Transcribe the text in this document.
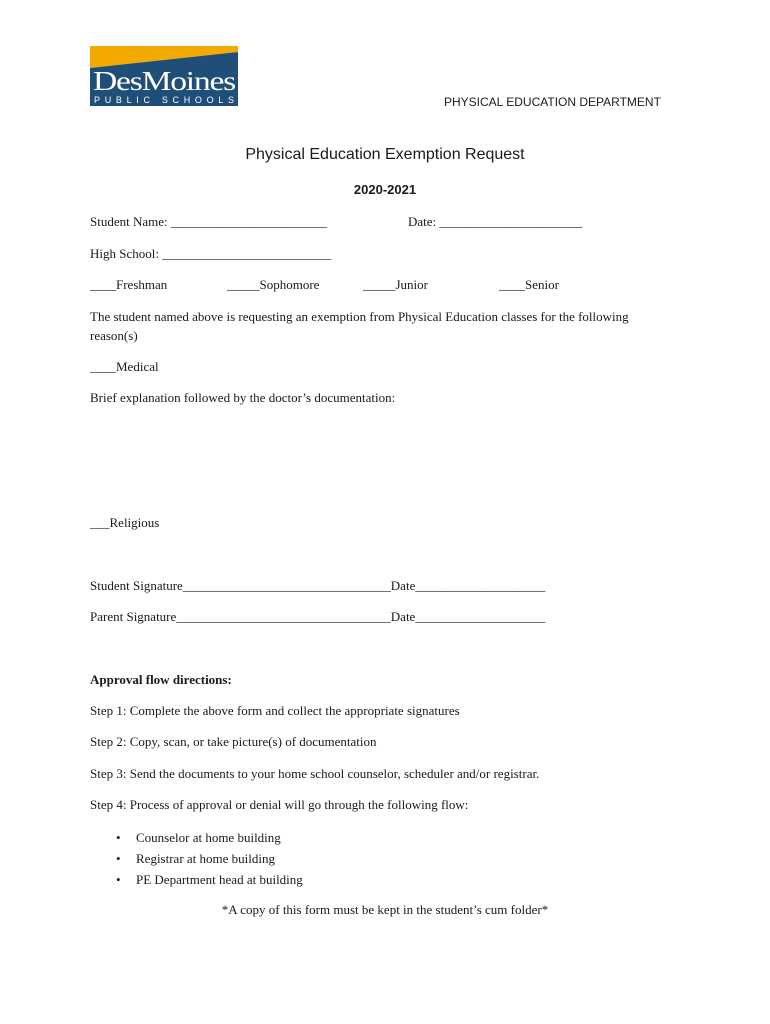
DesMoines
PUBLIC SCHOOLS	PHYSICAL EDUCATION DEPARTMENT
Physical Education Exemption Request
2020-2021
Student Name: ________________________	Date: ______________________
High School: __________________________
____Freshman	_____Sophomore	_____Junior	____Senior
The student named above is requesting an exemption from Physical Education classes for the following
reason(s)
____Medical
Brief explanation followed by the doctor’s documentation:
___Religious
Student Signature________________________________Date____________________
Parent Signature_________________________________Date____________________
Approval flow directions:
Step 1: Complete the above form and collect the appropriate signatures
Step 2: Copy, scan, or take picture(s) of documentation
Step 3: Send the documents to your home school counselor, scheduler and/or registrar.
Step 4: Process of approval or denial will go through the following flow:
• Counselor at home building
• Registrar at home building
• PE Department head at building
*A copy of this form must be kept in the student’s cum folder*
